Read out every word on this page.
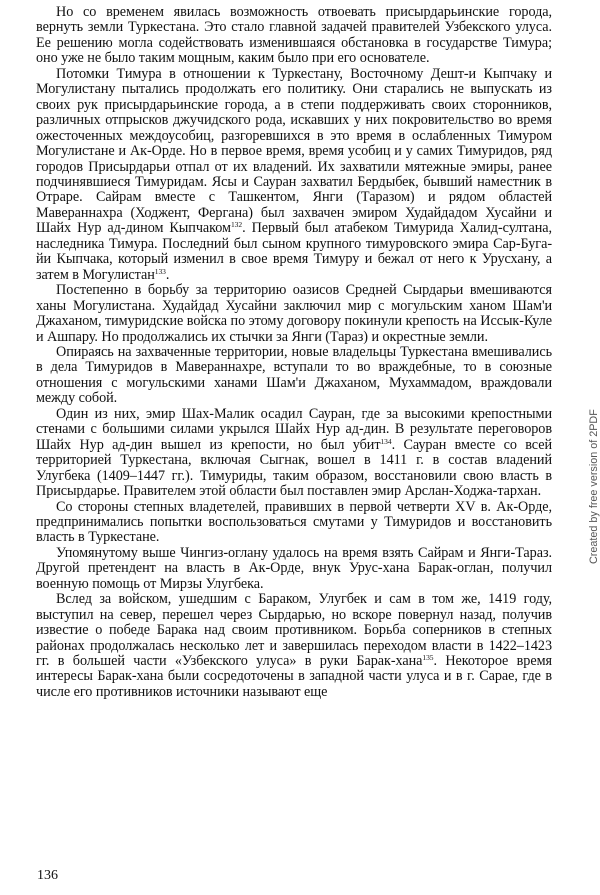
Но со временем явилась возможность отвоевать присырдарьинские города, вернуть земли Туркестана. Это стало главной задачей правителей Узбекского улуса. Ее решению могла содействовать изменившаяся обстановка в государстве Тимура; оно уже не было таким мощным, каким было при его основателе.

Потомки Тимура в отношении к Туркестану, Восточному Дешт-и Кыпчаку и Могулистану пытались продолжать его политику. Они старались не выпускать из своих рук присырдарьинские города, а в степи поддерживать своих сторонников, различных отпрысков джучидского рода, искавших у них покровительство во время ожесточенных междоусобиц, разгоревшихся в это время в ослабленных Тимуром Могулистане и Ак-Орде. Но в первое время, время усобиц и у самих Тимуридов, ряд городов Присырдарьи отпал от их владений. Их захватили мятежные эмиры, ранее подчинявшиеся Тимуридам. Ясы и Сауран захватил Бердыбек, бывший наместник в Отраре. Сайрам вместе с Ташкентом, Янги (Таразом) и рядом областей Мавераннахра (Ходжент, Фергана) был захвачен эмиром Худайдадом Хусайни и Шайх Нур ад-дином Кыпчаком$^{132}$. Первый был атабеком Тимурида Халид-султана, наследника Тимура. Последний был сыном крупного тимуровского эмира Сар-Буга-йи Кыпчака, который изменил в свое время Тимуру и бежал от него к Урусхану, а затем в Могулистан$^{133}$.

Постепенно в борьбу за территорию оазисов Средней Сырдарьи вмешиваются ханы Могулистана. Худайдад Хусайни заключил мир с могульским ханом Шам'и Джаханом, тимуридские войска по этому договору покинули крепость на Иссык-Куле и Ашпару. Но продолжались их стычки за Янги (Тараз) и окрестные земли.

Опираясь на захваченные территории, новые владельцы Туркестана вмешивались в дела Тимуридов в Мавераннахре, вступали то во враждебные, то в союзные отношения с могульскими ханами Шам'и Джаханом, Мухаммадом, враждовали между собой.

Один из них, эмир Шах-Малик осадил Сауран, где за высокими крепостными стенами с большими силами укрылся Шайх Нур ад-дин. В результате переговоров Шайх Нур ад-дин вышел из крепости, но был убит$^{134}$. Сауран вместе со всей территорией Туркестана, включая Сыгнак, вошел в 1411 г. в состав владений Улугбека (1409–1447 гг.). Тимуриды, таким образом, восстановили свою власть в Присырдарье. Правителем этой области был поставлен эмир Арслан-Ходжа-тархан.

Со стороны степных владетелей, правивших в первой четверти XV в. Ак-Орде, предпринимались попытки воспользоваться смутами у Тимуридов и восстановить власть в Туркестане.

Упомянутому выше Чингиз-оглану удалось на время взять Сайрам и Янги-Тараз. Другой претендент на власть в Ак-Орде, внук Урус-хана Барак-оглан, получил военную помощь от Мирзы Улугбека.

Вслед за войском, ушедшим с Бараком, Улугбек и сам в том же, 1419 году, выступил на север, перешел через Сырдарью, но вскоре повернул назад, получив известие о победе Барака над своим противником. Борьба соперников в степных районах продолжалась несколько лет и завершилась переходом власти в 1422–1423 гг. в большей части «Узбекского улуса» в руки Барак-хана$^{135}$. Некоторое время интересы Барак-хана были сосредоточены в западной части улуса и в г. Сарае, где в числе его противников источники называют еще

136
Created by free version of 2PDF
